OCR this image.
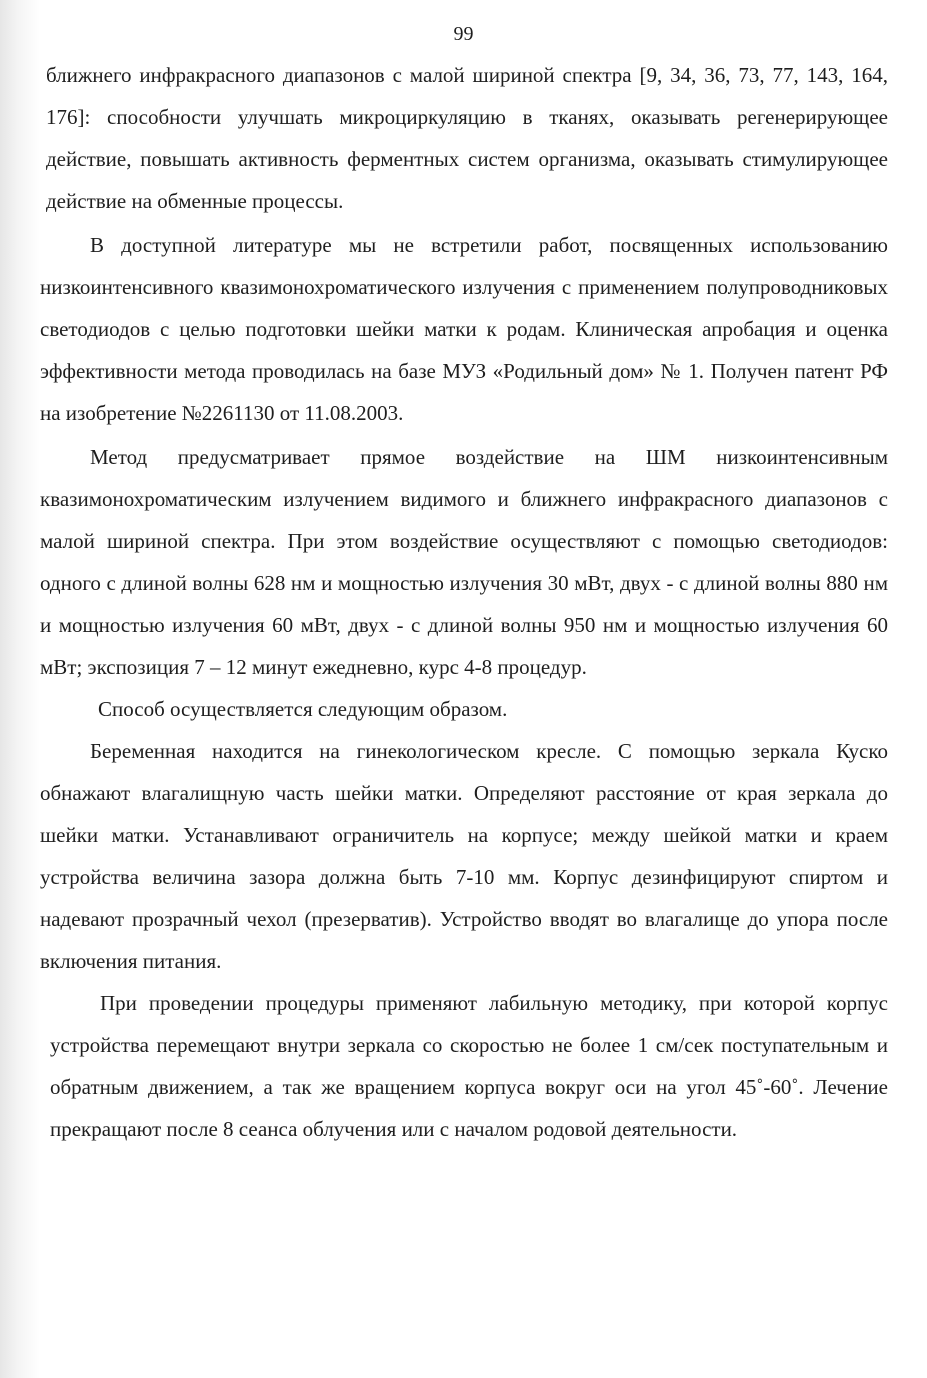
99

ближнего инфракрасного диапазонов с малой шириной спектра [9, 34, 36, 73, 77, 143, 164, 176]: способности улучшать микроциркуляцию в тканях, оказывать регенерирующее действие, повышать активность ферментных систем организма, оказывать стимулирующее действие на обменные процессы.

В доступной литературе мы не встретили работ, посвященных использованию низкоинтенсивного квазимонохроматического излучения с применением полупроводниковых светодиодов с целью подготовки шейки матки к родам. Клиническая апробация и оценка эффективности метода проводилась на базе МУЗ «Родильный дом» № 1. Получен патент РФ на изобретение №2261130 от 11.08.2003.

Метод предусматривает прямое воздействие на ШМ низкоинтенсивным квазимонохроматическим излучением видимого и ближнего инфракрасного диапазонов с малой шириной спектра. При этом воздействие осуществляют с помощью светодиодов: одного с длиной волны 628 нм и мощностью излучения 30 мВт, двух - с длиной волны 880 нм и мощностью излучения 60 мВт, двух - с длиной волны 950 нм и мощностью излучения 60 мВт; экспозиция 7 – 12 минут ежедневно, курс 4-8 процедур.

Способ осуществляется следующим образом.

Беременная находится на гинекологическом кресле. С помощью зеркала Куско обнажают влагалищную часть шейки матки. Определяют расстояние от края зеркала до шейки матки. Устанавливают ограничитель на корпусе; между шейкой матки и краем устройства величина зазора должна быть 7-10 мм. Корпус дезинфицируют спиртом и надевают прозрачный чехол (презерватив). Устройство вводят во влагалище до упора после включения питания.

При проведении процедуры применяют лабильную методику, при которой корпус устройства перемещают внутри зеркала со скоростью не более 1 см/сек поступательным и обратным движением, а так же вращением корпуса вокруг оси на угол 45˚-60˚. Лечение прекращают после 8 сеанса облучения или с началом родовой деятельности.
